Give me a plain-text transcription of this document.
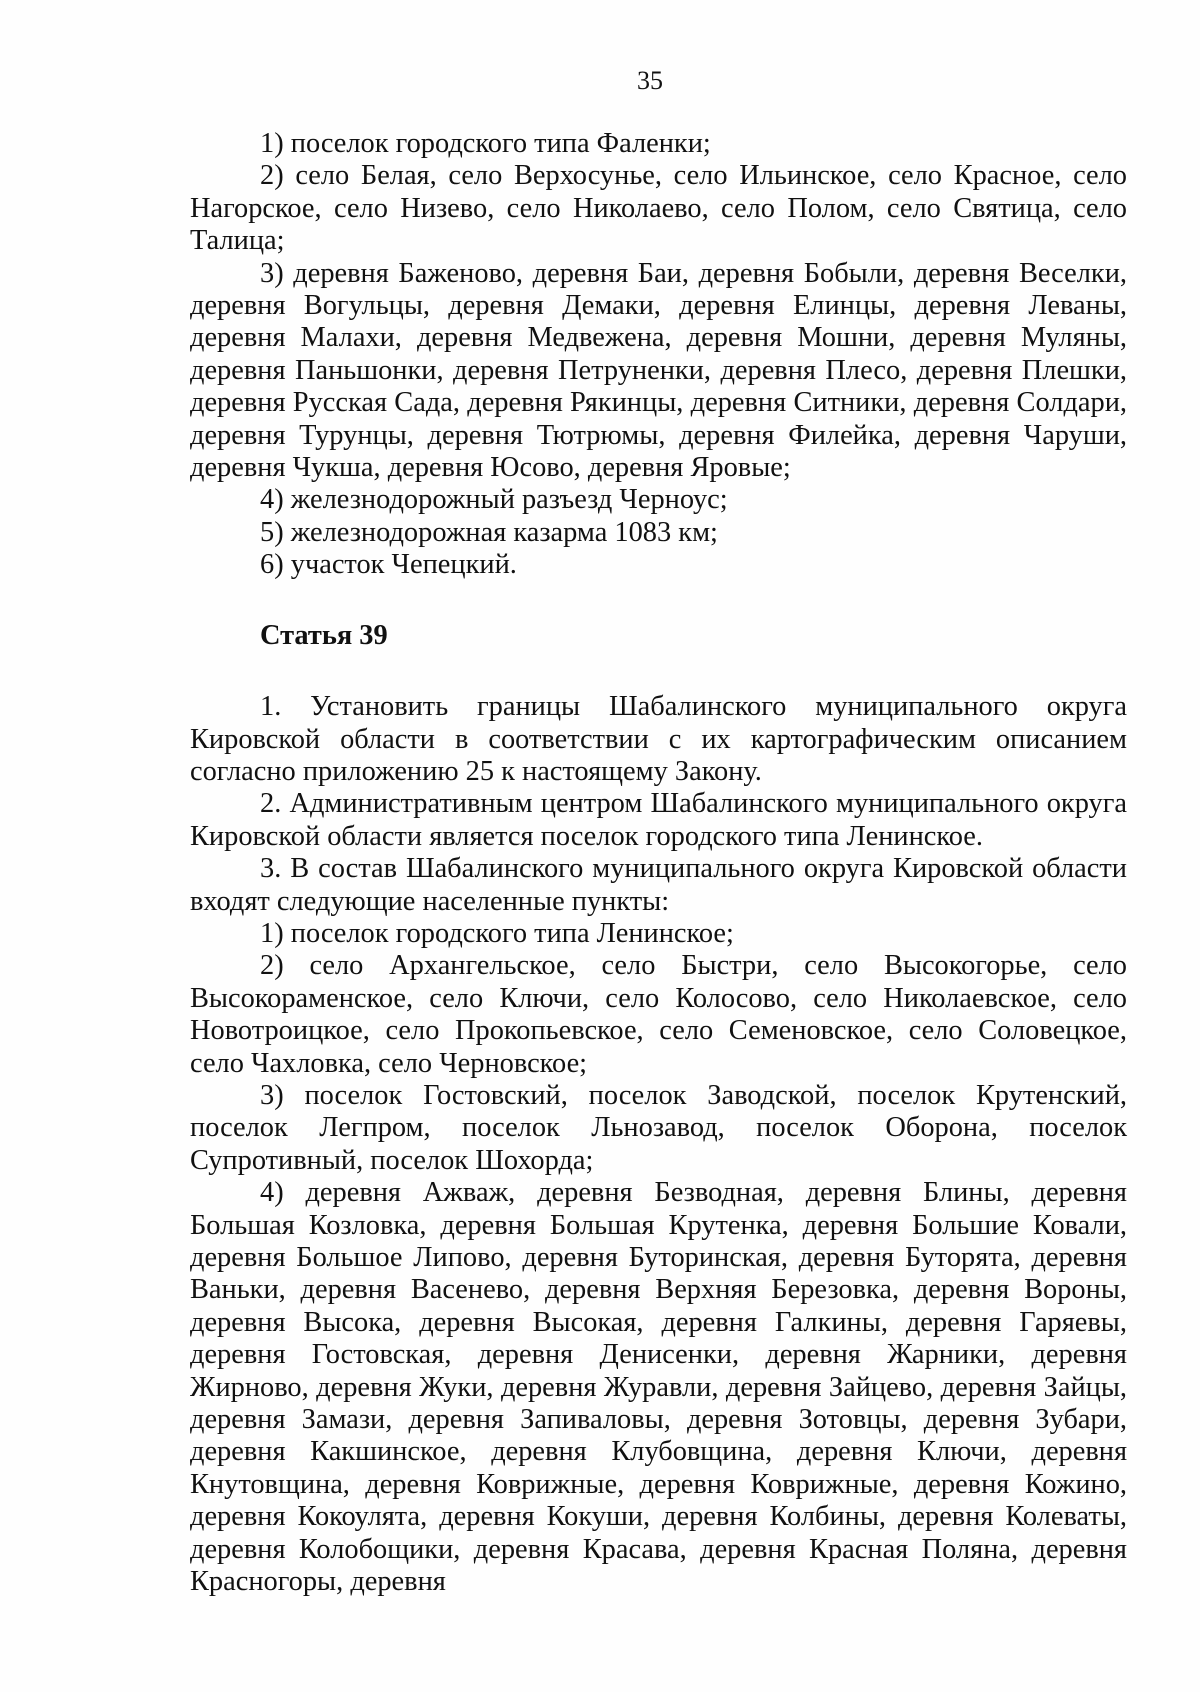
35

1) поселок городского типа Фаленки;

2) село Белая, село Верхосунье, село Ильинское, село Красное, село Нагорское, село Низево, село Николаево, село Полом, село Святица, село Талица;

3) деревня Баженово, деревня Баи, деревня Бобыли, деревня Веселки, деревня Вогульцы, деревня Демаки, деревня Елинцы, деревня Леваны, деревня Малахи, деревня Медвежена, деревня Мошни, деревня Муляны, деревня Паньшонки, деревня Петруненки, деревня Плесо, деревня Плешки, деревня Русская Сада, деревня Рякинцы, деревня Ситники, деревня Солдари, деревня Турунцы, деревня Тютрюмы, деревня Филейка, деревня Чаруши, деревня Чукша, деревня Юсово, деревня Яровые;

4) железнодорожный разъезд Черноус;

5) железнодорожная казарма 1083 км;

6) участок Чепецкий.

Статья 39

1. Установить границы Шабалинского муниципального округа Кировской области в соответствии с их картографическим описанием согласно приложению 25 к настоящему Закону.

2. Административным центром Шабалинского муниципального округа Кировской области является поселок городского типа Ленинское.

3. В состав Шабалинского муниципального округа Кировской области входят следующие населенные пункты:

1) поселок городского типа Ленинское;

2) село Архангельское, село Быстри, село Высокогорье, село Высокораменское, село Ключи, село Колосово, село Николаевское, село Новотроицкое, село Прокопьевское, село Семеновское, село Соловецкое, село Чахловка, село Черновское;

3) поселок Гостовский, поселок Заводской, поселок Крутенский, поселок Легпром, поселок Льнозавод, поселок Оборона, поселок Супротивный, поселок Шохорда;

4) деревня Ажваж, деревня Безводная, деревня Блины, деревня Большая Козловка, деревня Большая Крутенка, деревня Большие Ковали, деревня Большое Липово, деревня Буторинская, деревня Буторята, деревня Ваньки, деревня Васенево, деревня Верхняя Березовка, деревня Вороны, деревня Высока, деревня Высокая, деревня Галкины, деревня Гаряевы, деревня Гостовская, деревня Денисенки, деревня Жарники, деревня Жирново, деревня Жуки, деревня Журавли, деревня Зайцево, деревня Зайцы, деревня Замази, деревня Запиваловы, деревня Зотовцы, деревня Зубари, деревня Какшинское, деревня Клубовщина, деревня Ключи, деревня Кнутовщина, деревня Коврижные, деревня Коврижные, деревня Кожино, деревня Кокоулята, деревня Кокуши, деревня Колбины, деревня Колеваты, деревня Колобощики, деревня Красава, деревня Красная Поляна, деревня Красногоры, деревня
